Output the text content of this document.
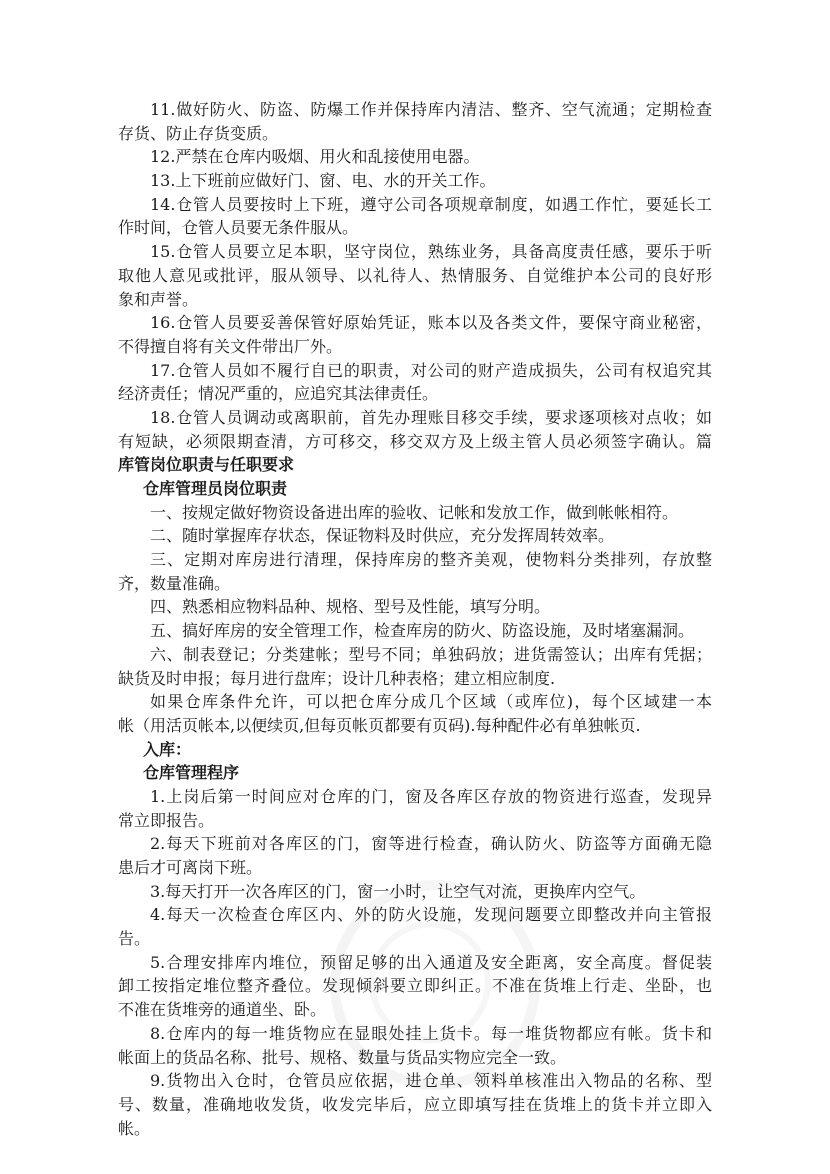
11.做好防火、防盗、防爆工作并保持库内清洁、整齐、空气流通；定期检查
存货、防止存货变质。
12.严禁在仓库内吸烟、用火和乱接使用电器。
13.上下班前应做好门、窗、电、水的开关工作。
14.仓管人员要按时上下班，遵守公司各项规章制度，如遇工作忙，要延长工
作时间，仓管人员要无条件服从。
15.仓管人员要立足本职，坚守岗位，熟练业务，具备高度责任感，要乐于听
取他人意见或批评，服从领导、以礼待人、热情服务、自觉维护本公司的良好形
象和声誉。
16.仓管人员要妥善保管好原始凭证，账本以及各类文件，要保守商业秘密，
不得擅自将有关文件带出厂外。
17.仓管人员如不履行自已的职责，对公司的财产造成损失，公司有权追究其
经济责任；情况严重的，应追究其法律责任。
18.仓管人员调动或离职前，首先办理账目移交手续，要求逐项核对点收；如
有短缺，必须限期查清，方可移交，移交双方及上级主管人员必须签字确认。篇
库管岗位职责与任职要求
仓库管理员岗位职责
一、按规定做好物资设备进出库的验收、记帐和发放工作，做到帐帐相符。
二、随时掌握库存状态，保证物料及时供应，充分发挥周转效率。
三、定期对库房进行清理，保持库房的整齐美观，使物料分类排列，存放整
齐，数量准确。
四、熟悉相应物料品种、规格、型号及性能，填写分明。
五、搞好库房的安全管理工作，检查库房的防火、防盗设施，及时堵塞漏洞。
六、制表登记；分类建帐；型号不同；单独码放；进货需签认；出库有凭据；
缺货及时申报；每月进行盘库；设计几种表格；建立相应制度.
如果仓库条件允许，可以把仓库分成几个区域（或库位)，每个区域建一本
帐（用活页帐本,以便续页,但每页帐页都要有页码).每种配件必有单独帐页.
入库：
仓库管理程序
1.上岗后第一时间应对仓库的门，窗及各库区存放的物资进行巡查，发现异
常立即报告。
2.每天下班前对各库区的门，窗等进行检查，确认防火、防盗等方面确无隐
患后才可离岗下班。
3.每天打开一次各库区的门，窗一小时，让空气对流，更换库内空气。
4.每天一次检查仓库区内、外的防火设施，发现问题要立即整改并向主管报
告。
5.合理安排库内堆位，预留足够的出入通道及安全距离，安全高度。督促装
卸工按指定堆位整齐叠位。发现倾斜要立即纠正。不准在货堆上行走、坐卧，也
不准在货堆旁的通道坐、卧。
8.仓库内的每一堆货物应在显眼处挂上货卡。每一堆货物都应有帐。货卡和
帐面上的货品名称、批号、规格、数量与货品实物应完全一致。
9.货物出入仓时，仓管员应依据，进仓单、领料单核准出入物品的名称、型
号、数量，准确地收发货，收发完毕后，应立即填写挂在货堆上的货卡并立即入
帐。
